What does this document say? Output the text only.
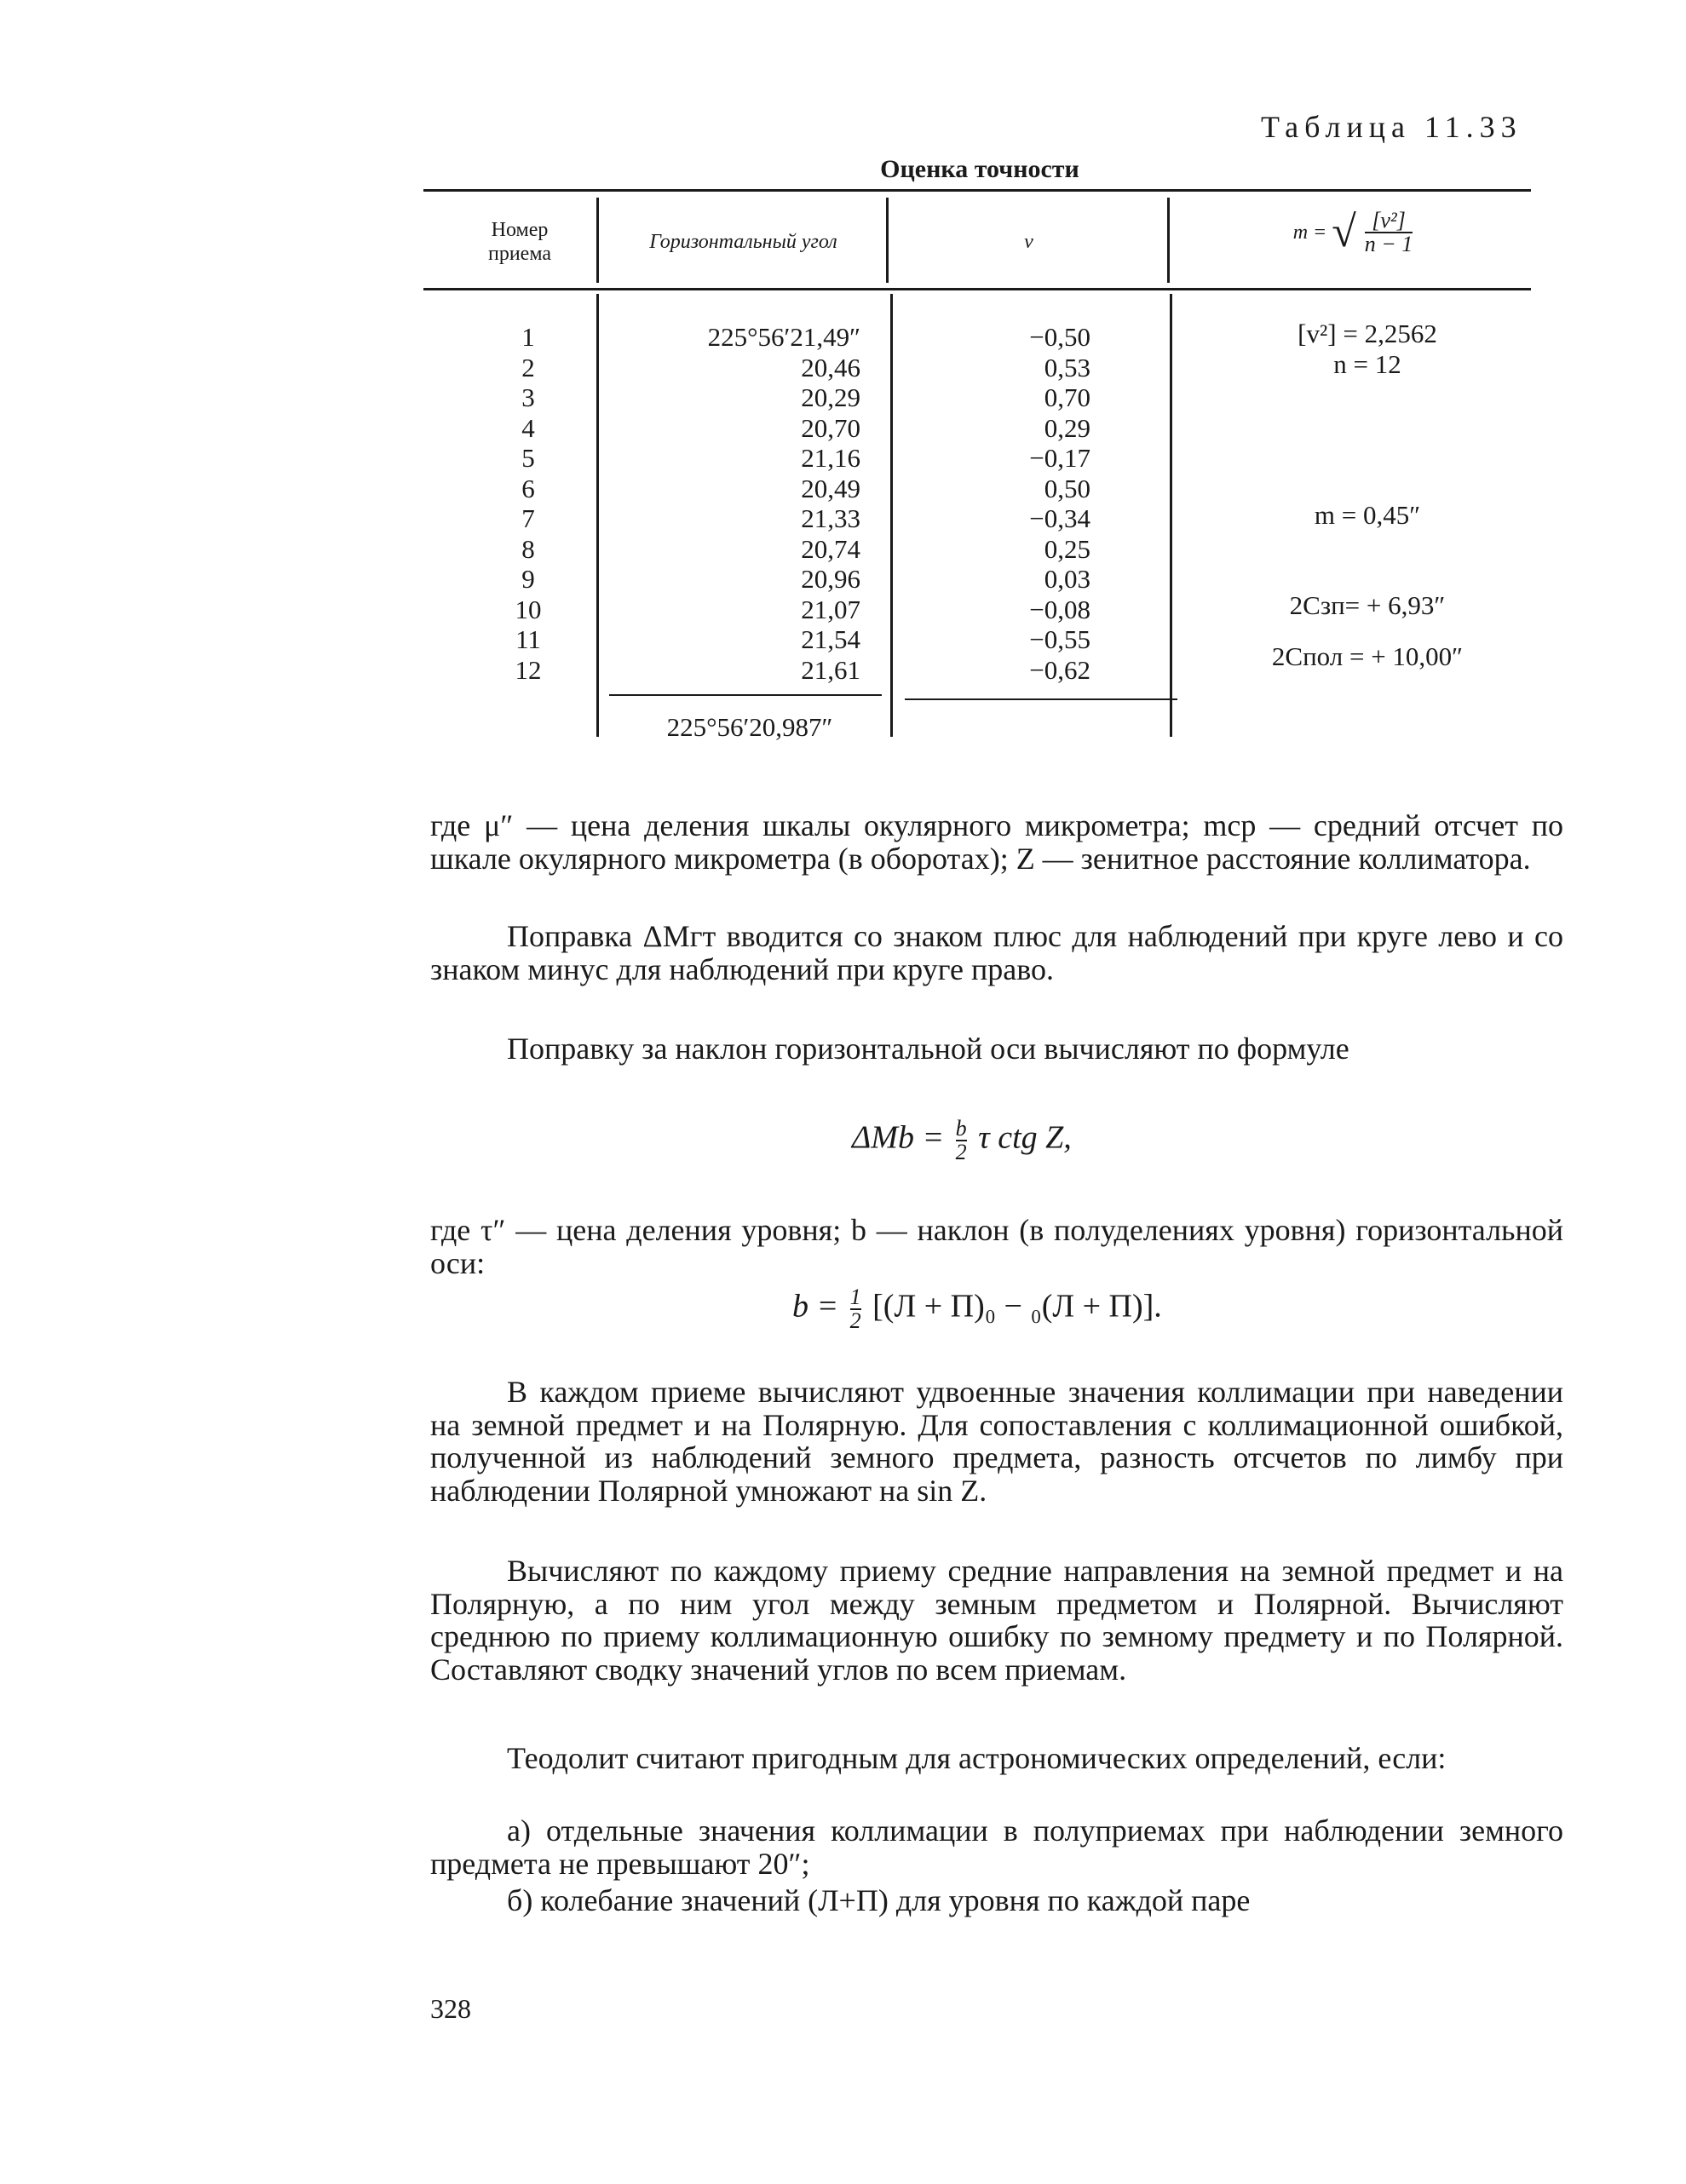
Таблица 11.33
Оценка точности
Номер
приема
Горизонтальный угол	v	m = √ $\frac{\text{[v²]}}{n - 1}$
1
2
3
4
5
6
7
8
9
10
11
12
225°56′21,49″
20,46
20,29
20,70
21,16
20,49
21,33
20,74
20,96
21,07
21,54
21,61
−0,50
0,53
0,70
0,29
−0,17
0,50
−0,34
0,25
0,03
−0,08
−0,55
−0,62
[v²] = 2,2562
n = 12
m = 0,45″
2Cзп= + 6,93″
2Cпол = + 10,00″
225°56′20,987″
где μ″ — цена деления шкалы окулярного микрометра; mср — средний отсчет по шкале окулярного микрометра (в оборотах); Z — зенитное расстояние коллиматора.
Поправка ΔMгт вводится со знаком плюс для наблюдений при круге лево и со знаком минус для наблюдений при круге право.
Поправку за наклон горизонтальной оси вычисляют по формуле
$\Delta Mb = \frac{b}{2}$ τ ctg Z,
где τ″ — цена деления уровня; b — наклон (в полуделениях уровня) горизонтальной оси:
$b = \frac{1}{2} [(Л + П)_0 - _0(Л + П)]$.
В каждом приеме вычисляют удвоенные значения коллимации при наведении на земной предмет и на Полярную. Для сопоставления с коллимационной ошибкой, полученной из наблюдений земного предмета, разность отсчетов по лимбу при наблюдении Полярной умножают на sin Z.
Вычисляют по каждому приему средние направления на земной предмет и на Полярную, а по ним угол между земным предметом и Полярной. Вычисляют среднюю по приему коллимационную ошибку по земному предмету и по Полярной. Составляют сводку значений углов по всем приемам.
Теодолит считают пригодным для астрономических определений, если:
а) отдельные значения коллимации в полуприемах при наблюдении земного предмета не превышают 20″;
б) колебание значений (Л+П) для уровня по каждой паре
328
